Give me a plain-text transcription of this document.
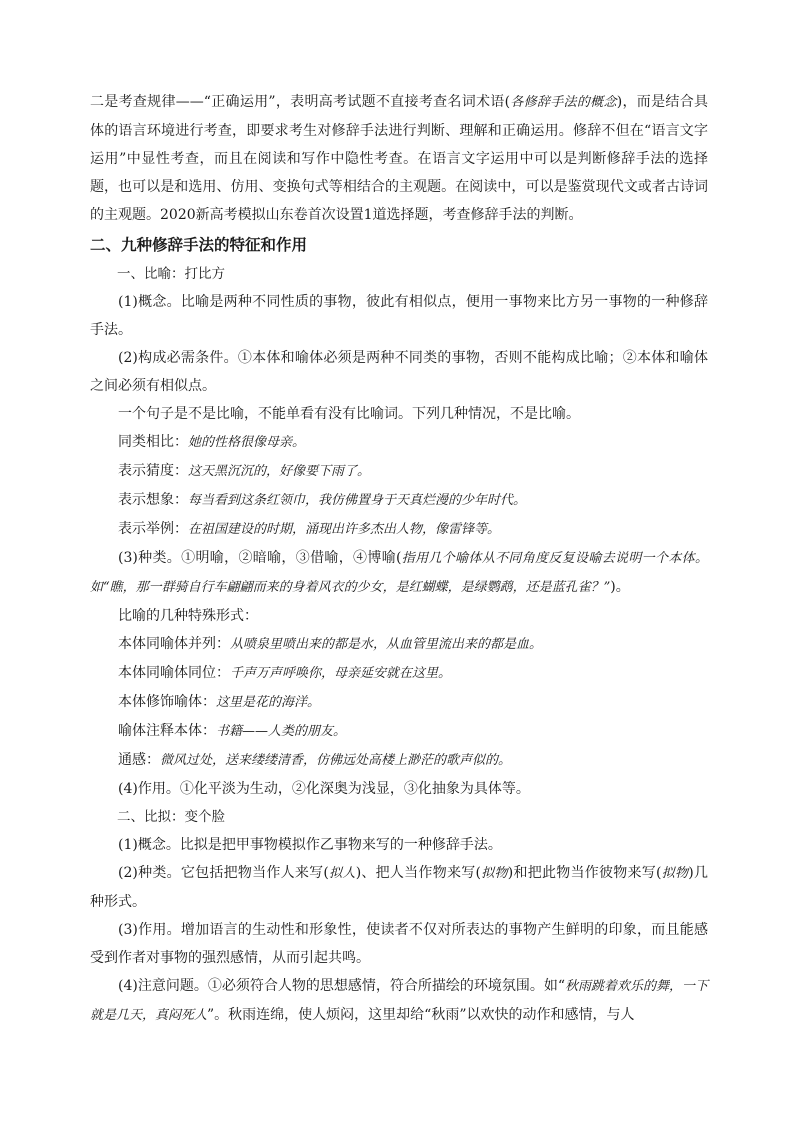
二是考查规律——“正确运用”，表明高考试题不直接考查名词术语(各修辞手法的概念)，而是结合具体的语言环境进行考查，即要求考生对修辞手法进行判断、理解和正确运用。修辞不但在“语言文字运用”中显性考查，而且在阅读和写作中隐性考查。在语言文字运用中可以是判断修辞手法的选择题，也可以是和选用、仿用、变换句式等相结合的主观题。在阅读中，可以是鉴赏现代文或者古诗词的主观题。2020新高考模拟山东卷首次设置1道选择题，考查修辞手法的判断。

二、九种修辞手法的特征和作用

一、比喻：打比方

(1)概念。比喻是两种不同性质的事物，彼此有相似点，便用一事物来比方另一事物的一种修辞手法。

(2)构成必需条件。①本体和喻体必须是两种不同类的事物，否则不能构成比喻；②本体和喻体之间必须有相似点。

一个句子是不是比喻，不能单看有没有比喻词。下列几种情况，不是比喻。

同类相比：她的性格很像母亲。

表示猜度：这天黑沉沉的，好像要下雨了。

表示想象：每当看到这条红领巾，我仿佛置身于天真烂漫的少年时代。

表示举例：在祖国建设的时期，涌现出许多杰出人物，像雷锋等。

(3)种类。①明喻，②暗喻，③借喻，④博喻(指用几个喻体从不同角度反复设喻去说明一个本体。如“瞧，那一群骑自行车翩翩而来的身着风衣的少女，是红蝴蝶，是绿鹦鹉，还是蓝孔雀？”)。

比喻的几种特殊形式：

本体同喻体并列：从喷泉里喷出来的都是水，从血管里流出来的都是血。

本体同喻体同位：千声万声呼唤你，母亲延安就在这里。

本体修饰喻体：这里是花的海洋。

喻体注释本体：书籍——人类的朋友。

通感：微风过处，送来缕缕清香，仿佛远处高楼上渺茫的歌声似的。

(4)作用。①化平淡为生动，②化深奥为浅显，③化抽象为具体等。

二、比拟：变个脸

(1)概念。比拟是把甲事物模拟作乙事物来写的一种修辞手法。

(2)种类。它包括把物当作人来写(拟人)、把人当作物来写(拟物)和把此物当作彼物来写(拟物)几种形式。

(3)作用。增加语言的生动性和形象性，使读者不仅对所表达的事物产生鲜明的印象，而且能感受到作者对事物的强烈感情，从而引起共鸣。

(4)注意问题。①必须符合人物的思想感情，符合所描绘的环境氛围。如“秋雨跳着欢乐的舞，一下就是几天，真闷死人”。秋雨连绵，使人烦闷，这里却给“秋雨”以欢快的动作和感情，与人
